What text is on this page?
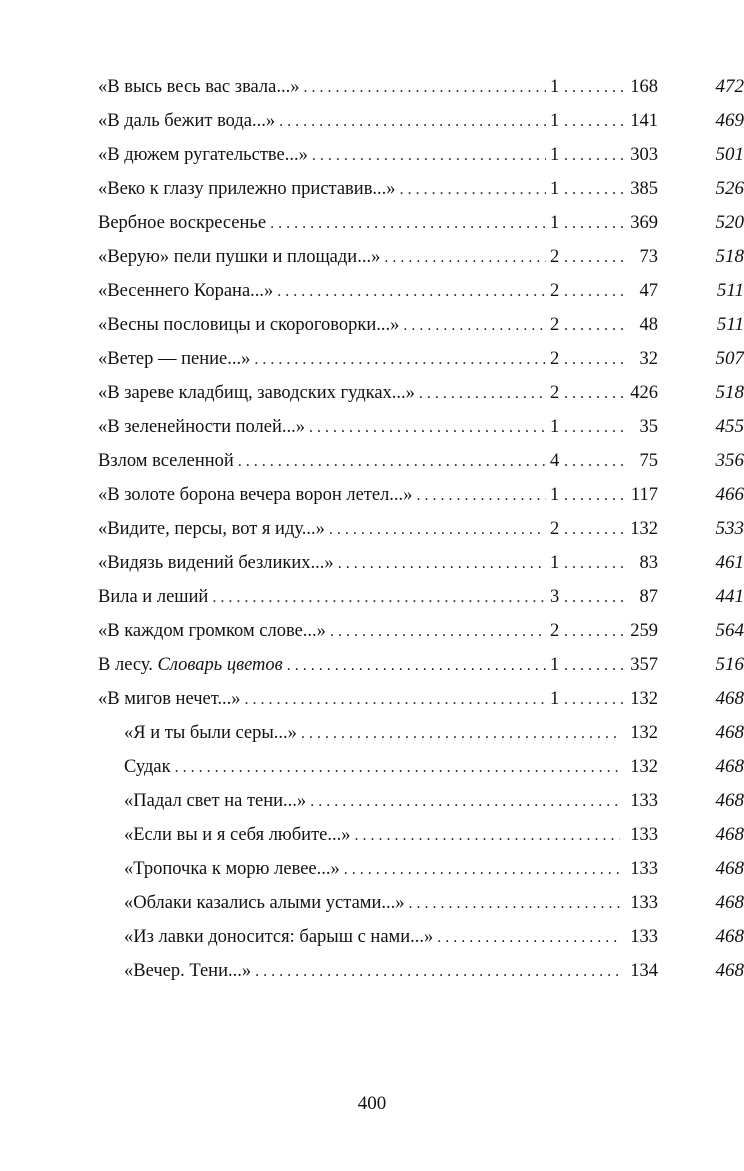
«В высь весь вас звала...» . . .	1 . . .	168	472
«В даль бежит вода...» . . .	1 . . .	141	469
«В дюжем ругательстве...» . . .	1 . . .	303	501
«Веко к глазу прилежно приставив...» . . .	1 . . .	385	526
Вербное воскресенье . . .	1 . . .	369	520
«Верую» пели пушки и площади...» . . .	2 . . .	73	518
«Весеннего Корана...» . . .	2 . . .	47	511
«Весны пословицы и скороговорки...» . . .	2 . . .	48	511
«Ветер — пение...» . . .	2 . . .	32	507
«В зареве кладбищ, заводских гудках...» . . .	2 . . .	426	518
«В зеленейности полей...» . . .	1 . . .	35	455
Взлом вселенной . . .	4 . . .	75	356
«В золоте борона вечера ворон летел...» . . .	1 . . .	117	466
«Видите, персы, вот я иду...» . . .	2 . . .	132	533
«Видязь видений безликих...» . . .	1 . . .	83	461
Вила и леший . . .	3 . . .	87	441
«В каждом громком слове...» . . .	2 . . .	259	564
В лесу. Словарь цветов . . .	1 . . .	357	516
«В мигов нечет...» . . .	1 . . .	132	468
«Я и ты были серы...» . . .	132	468
Судак . . .	132	468
«Падал свет на тени...» . . .	133	468
«Если вы и я себя любите...» . . .	133	468
«Тропочка к морю левее...» . . .	133	468
«Облаки казались алыми устами...» . . .	133	468
«Из лавки доносится: барыш с нами...» . . .	133	468
«Вечер. Тени...» . . .	134	468
400
